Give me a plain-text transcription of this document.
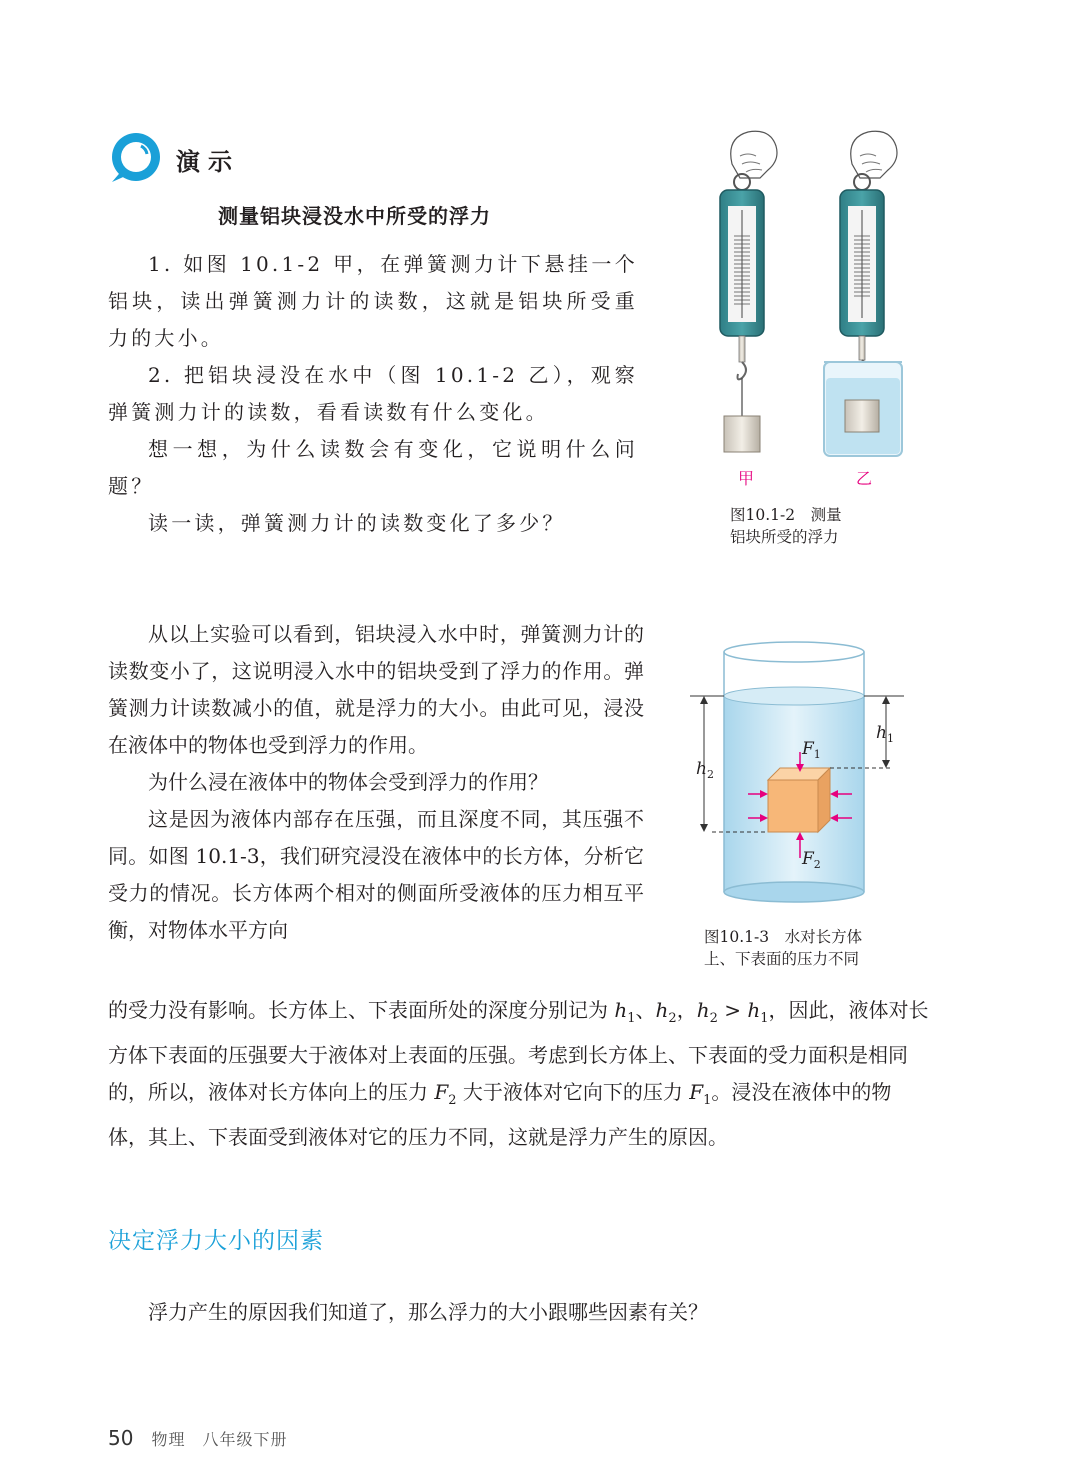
演示
测量铝块浸没水中所受的浮力

1. 如图 10.1-2 甲，在弹簧测力计下悬挂一个铝块，读出弹簧测力计的读数，这就是铝块所受重力的大小。

2. 把铝块浸没在水中（图 10.1-2 乙），观察弹簧测力计的读数，看看读数有什么变化。

想一想，为什么读数会有变化，它说明什么问题？

读一读，弹簧测力计的读数变化了多少？

甲	乙
图10.1-2　测量
铝块所受的浮力

从以上实验可以看到，铝块浸入水中时，弹簧测力计的读数变小了，这说明浸入水中的铝块受到了浮力的作用。弹簧测力计读数减小的值，就是浮力的大小。由此可见，浸没在液体中的物体也受到浮力的作用。

为什么浸在液体中的物体会受到浮力的作用？

这是因为液体内部存在压强，而且深度不同，其压强不同。如图 10.1-3，我们研究浸没在液体中的长方体，分析它受力的情况。长方体两个相对的侧面所受液体的压力相互平衡，对物体水平方向

的受力没有影响。长方体上、下表面所处的深度分别记为 $h_1$、$h_2$，$h_2 > h_1$，因此，液体对长方体下表面的压强要大于液体对上表面的压强。考虑到长方体上、下表面的受力面积是相同的，所以，液体对长方体向上的压力 $F_2$ 大于液体对它向下的压力 $F_1$。浸没在液体中的物体，其上、下表面受到液体对它的压力不同，这就是浮力产生的原因。

$F_1$
$F_2$
$h_2$
$h_1$
图10.1-3　水对长方体
上、下表面的压力不同
决定浮力大小的因素

浮力产生的原因我们知道了，那么浮力的大小跟哪些因素有关？

50 物理　八年级下册
